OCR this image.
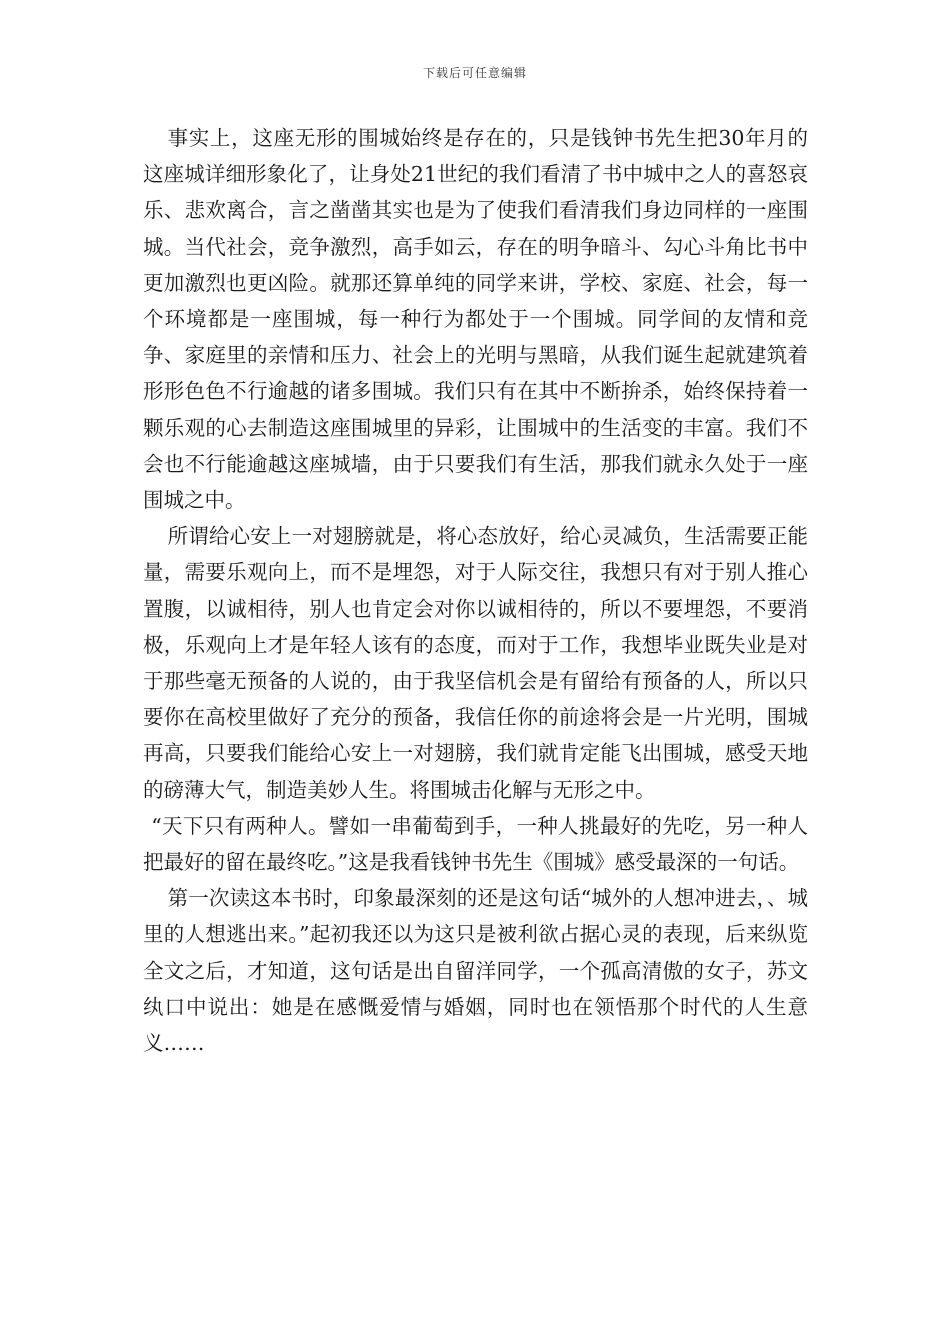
下载后可任意编辑

事实上，这座无形的围城始终是存在的，只是钱钟书先生把30年月的这座城详细形象化了，让身处21世纪的我们看清了书中城中之人的喜怒哀乐、悲欢离合，言之凿凿其实也是为了使我们看清我们身边同样的一座围城。当代社会，竞争激烈，高手如云，存在的明争暗斗、勾心斗角比书中更加激烈也更凶险。就那还算单纯的同学来讲，学校、家庭、社会，每一个环境都是一座围城，每一种行为都处于一个围城。同学间的友情和竞争、家庭里的亲情和压力、社会上的光明与黑暗，从我们诞生起就建筑着形形色色不行逾越的诸多围城。我们只有在其中不断拚杀，始终保持着一颗乐观的心去制造这座围城里的异彩，让围城中的生活变的丰富。我们不会也不行能逾越这座城墙，由于只要我们有生活，那我们就永久处于一座围城之中。

所谓给心安上一对翅膀就是，将心态放好，给心灵减负，生活需要正能量，需要乐观向上，而不是埋怨，对于人际交往，我想只有对于别人推心置腹，以诚相待，别人也肯定会对你以诚相待的，所以不要埋怨，不要消极，乐观向上才是年轻人该有的态度，而对于工作，我想毕业既失业是对于那些毫无预备的人说的，由于我坚信机会是有留给有预备的人，所以只要你在高校里做好了充分的预备，我信任你的前途将会是一片光明，围城再高，只要我们能给心安上一对翅膀，我们就肯定能飞出围城，感受天地的磅薄大气，制造美妙人生。将围城击化解与无形之中。

“天下只有两种人。譬如一串葡萄到手，一种人挑最好的先吃，另一种人把最好的留在最终吃。”这是我看钱钟书先生《围城》感受最深的一句话。

第一次读这本书时，印象最深刻的还是这句话“城外的人想冲进去，、城里的人想逃出来。”起初我还以为这只是被利欲占据心灵的表现，后来纵览全文之后，才知道，这句话是出自留洋同学，一个孤高清傲的女子，苏文纨口中说出：她是在感慨爱情与婚姻，同时也在领悟那个时代的人生意义……
